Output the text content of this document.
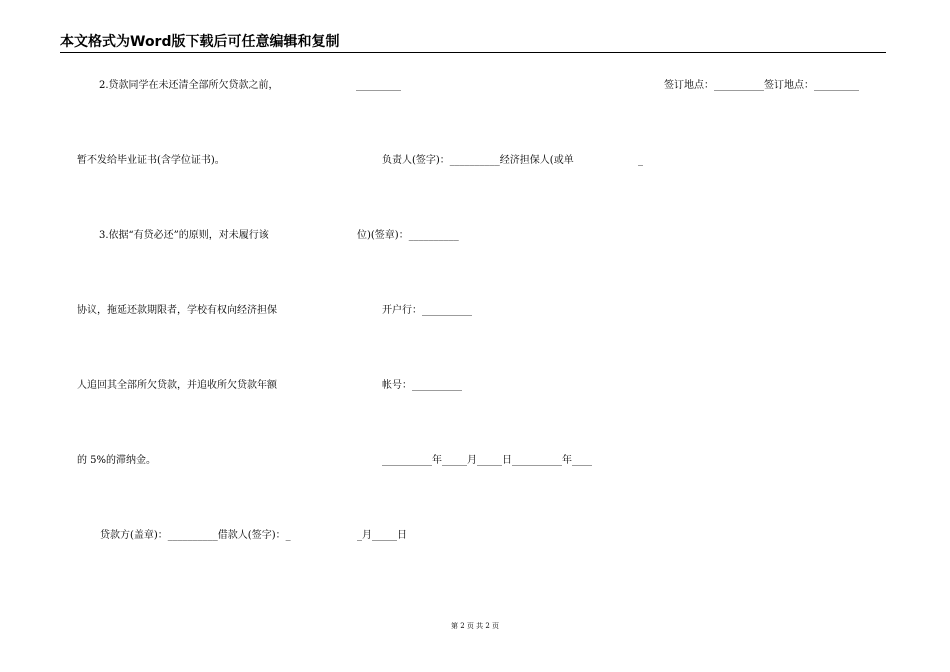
本文格式为Word版下载后可任意编辑和复制
2.贷款同学在未还清全部所欠贷款之前，	_________	签订地点：__________签订地点：_________
暂不发给毕业证书(含学位证书)。	负责人(签字)：__________经济担保人(或单	_
3.依据“有贷必还”的原则，对未履行该	位)(签章)：__________
协议，拖延还款期限者，学校有权向经济担保	开户行：__________
人追回其全部所欠贷款，并追收所欠贷款年额	帐号：__________
的 5%的滞纳金。	__________年_____月_____日__________年____
贷款方(盖章)：__________借款人(签字)：_	_月_____日
第 2 页 共 2 页
